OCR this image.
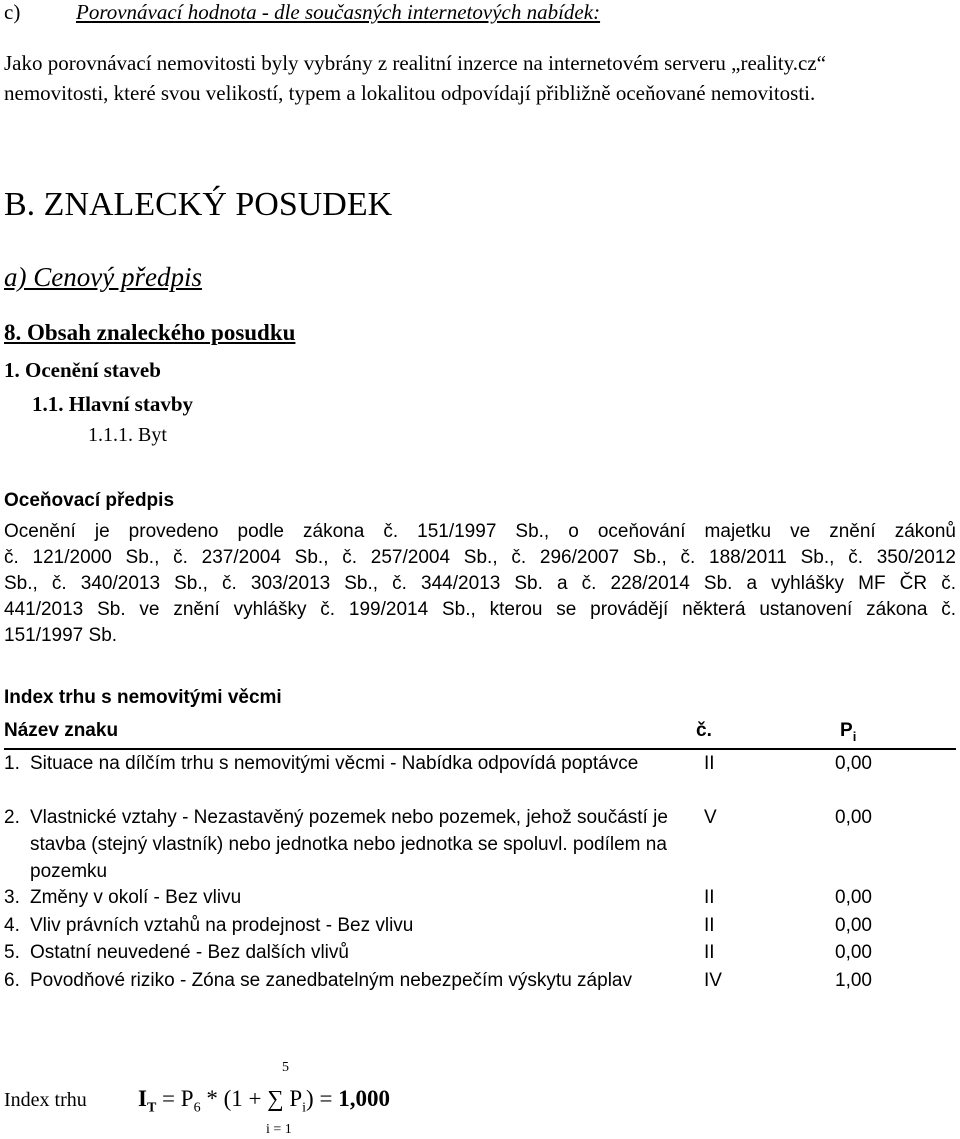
c)	Porovnávací hodnota - dle současných internetových nabídek:
Jako porovnávací nemovitosti byly vybrány z realitní inzerce na internetovém serveru „reality.cz“
nemovitosti, které svou velikostí, typem a lokalitou odpovídají přibližně oceňované nemovitosti.
B. ZNALECKÝ POSUDEK
a) Cenový předpis
8. Obsah znaleckého posudku
1. Ocenění staveb
1.1. Hlavní stavby
1.1.1. Byt
Oceňovací předpis
Ocenění je provedeno podle zákona č. 151/1997 Sb., o oceňování majetku ve znění zákonů
č. 121/2000 Sb., č. 237/2004 Sb., č. 257/2004 Sb., č. 296/2007 Sb., č. 188/2011 Sb., č. 350/2012
Sb., č. 340/2013 Sb., č. 303/2013 Sb., č. 344/2013 Sb. a č. 228/2014 Sb. a vyhlášky MF ČR č.
441/2013 Sb. ve znění vyhlášky č. 199/2014 Sb., kterou se provádějí některá ustanovení zákona č.
151/1997 Sb.
Index trhu s nemovitými věcmi
Název znaku	č.	$P_i$
1. Situace na dílčím trhu s nemovitými věcmi - Nabídka odpovídá poptávce	II	0,00
2. Vlastnické vztahy - Nezastavěný pozemek nebo pozemek, jehož součástí je stavba (stejný vlastník) nebo jednotka nebo jednotka se spoluvl. podílem na pozemku
V	0,00
3. Změny v okolí - Bez vlivu	II	0,00
4. Vliv právních vztahů na prodejnost - Bez vlivu	II	0,00
5. Ostatní neuvedené - Bez dalších vlivů	II	0,00
6. Povodňové riziko - Zóna se zanedbatelným nebezpečím výskytu záplav	IV	1,00
Index trhu
5
$I_T = P_6 * (1$ + ∑ $P_i) = 1,000$
i = 1
